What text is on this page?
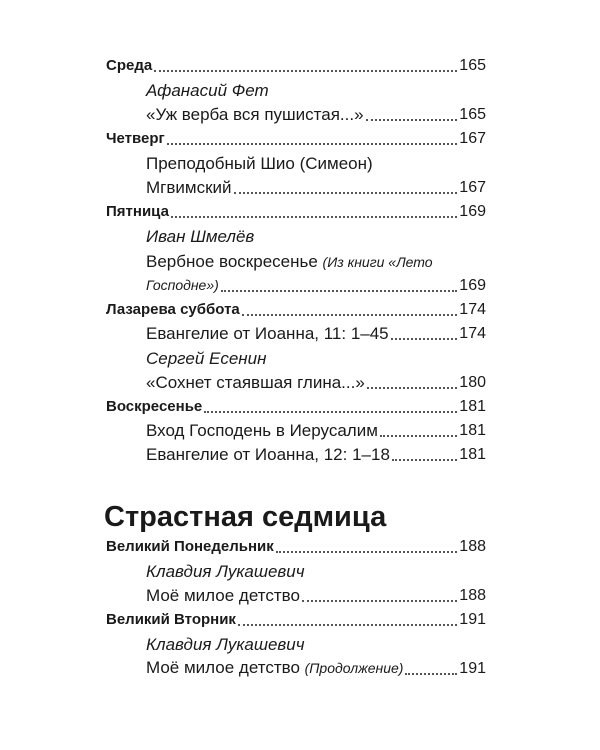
Среда	165
Афанасий Фет
«Уж верба вся пушистая...»	165
Четверг	167
Преподобный Шио (Симеон)
Мгвимский	167
Пятница	169
Иван Шмелёв
Вербное воскресенье (Из книги «Лето
Господне»)	169
Лазарева суббота	174
Евангелие от Иоанна, 11: 1–45	174
Сергей Есенин
«Сохнет стаявшая глина...»	180
Воскресенье	181
Вход Господень в Иерусалим	181
Евангелие от Иоанна, 12: 1–18	181
Страстная седмица
Великий Понедельник	188
Клавдия Лукашевич
Моё милое детство	188
Великий Вторник	191
Клавдия Лукашевич
Моё милое детство (Продолжение)	191
